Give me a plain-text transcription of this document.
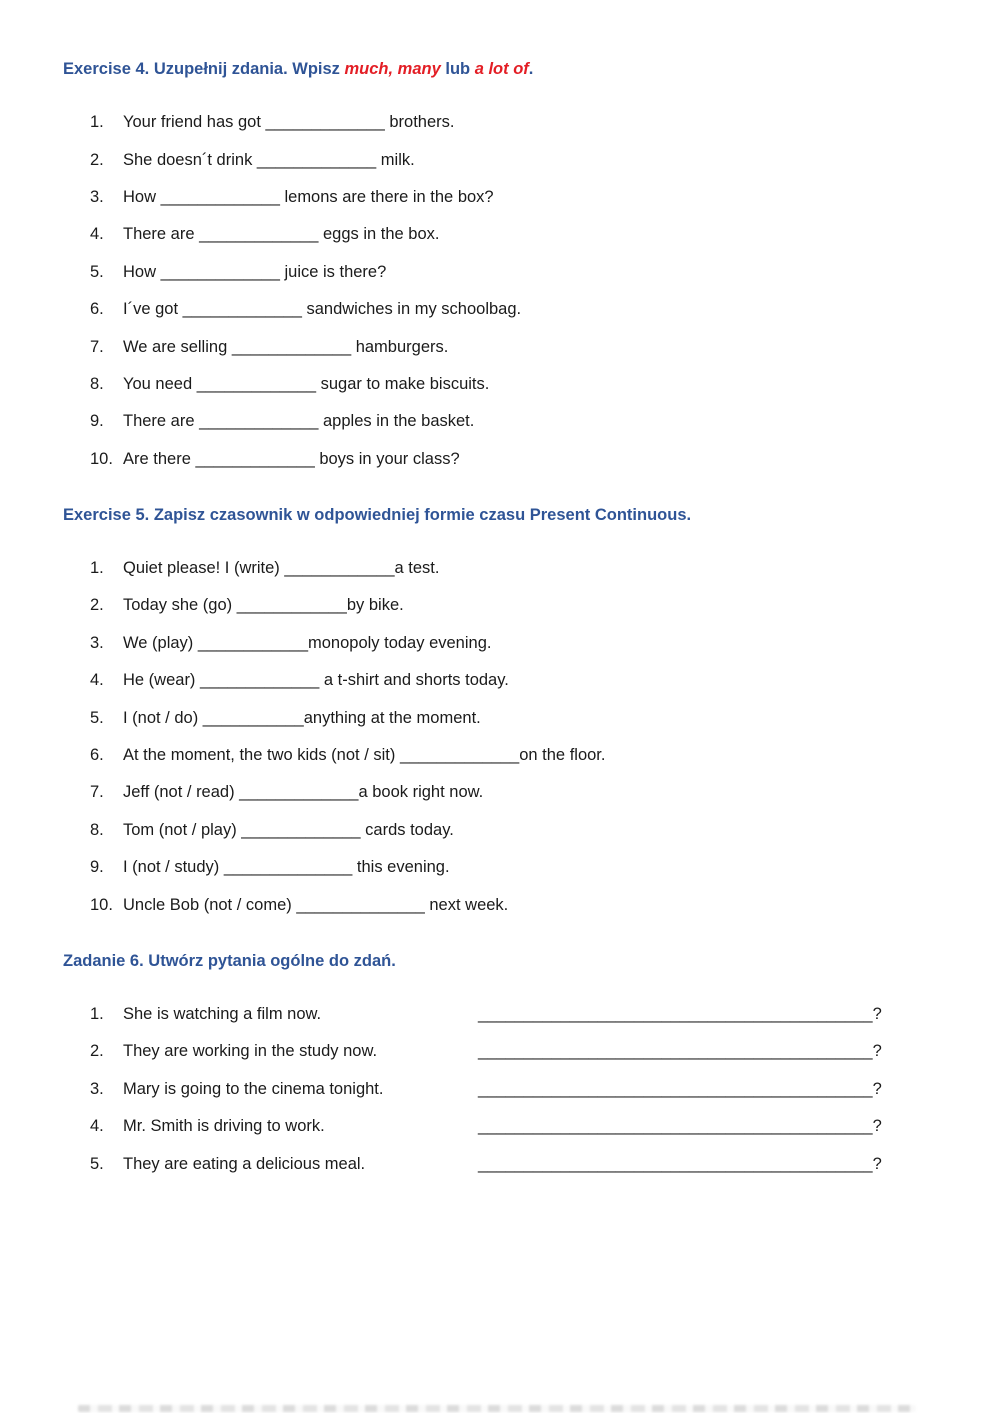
Exercise 4. Uzupełnij zdania. Wpisz much, many lub a lot of.
1.	Your friend has got _____________ brothers.
2.	She doesn´t drink _____________ milk.
3.	How _____________ lemons are there in the box?
4.	There are _____________ eggs in the box.
5.	How _____________ juice is there?
6.	I´ve got _____________ sandwiches in my schoolbag.
7.	We are selling _____________ hamburgers.
8.	You need _____________ sugar to make biscuits.
9.	There are _____________ apples in the basket.
10. Are there _____________ boys in your class?
Exercise 5. Zapisz czasownik w odpowiedniej formie czasu Present Continuous.
1.	Quiet please! I (write) ____________a test.
2.	Today she (go) ____________by bike.
3.	We (play) ____________monopoly today evening.
4.	He (wear) _____________ a t-shirt and shorts today.
5.	I (not / do) ___________anything at the moment.
6.	At the moment, the two kids (not / sit) _____________on the floor.
7.	Jeff (not / read) _____________a book right now.
8.	Tom (not / play) _____________ cards today.
9.	I (not / study) ______________ this evening.
10. Uncle Bob (not / come) ______________ next week.
Zadanie 6. Utwórz pytania ogólne do zdań.
1.	She is watching a film now.	___________________________________________?
2.	They are working in the study now.	___________________________________________?
3.	Mary is going to the cinema tonight.	___________________________________________?
4.	Mr. Smith is driving to work.	___________________________________________?
5.	They are eating a delicious meal.	___________________________________________?
